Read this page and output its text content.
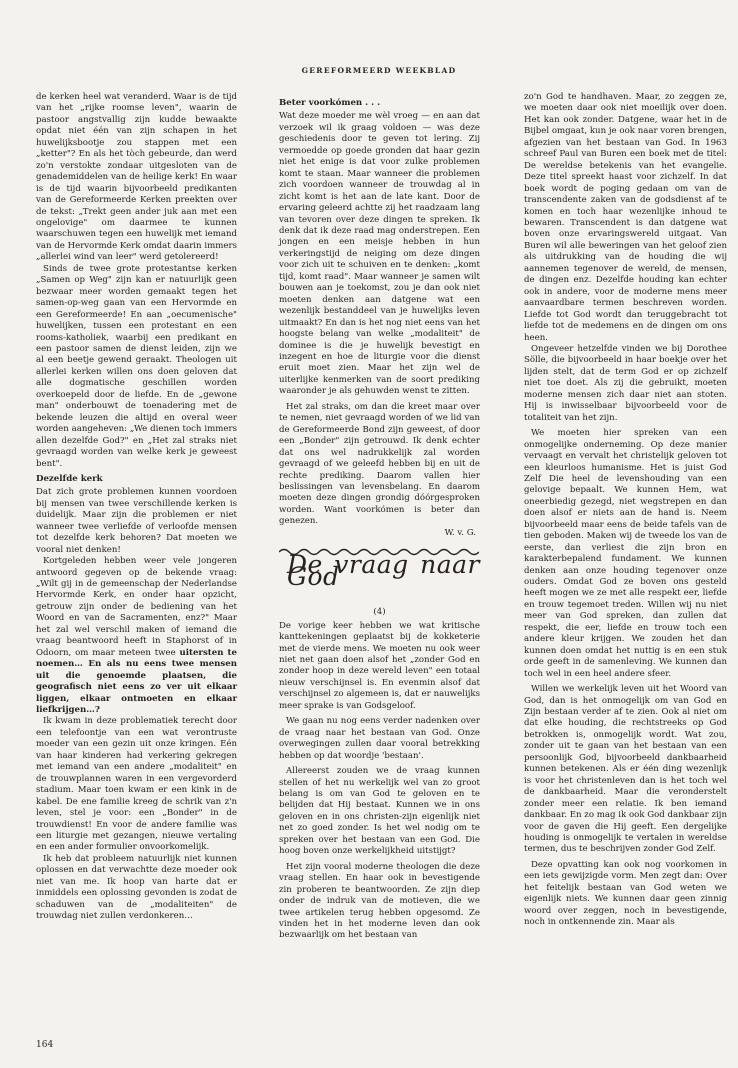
GEREFORMEERD WEEKBLAD

de kerken heel wat veranderd. Waar is de tijd van het „rijke roomse leven", waarin de pastoor angstvallig zijn kudde bewaakte opdat niet één van zijn schapen in het huwelijksbootje zou stappen met een „ketter"? En als het tòch gebeurde, dan werd zo'n verstokte zondaar uitgesloten van de genademiddelen van de heilige kerk! En waar is de tijd waarin bijvoorbeeld predikanten van de Gereformeerde Kerken preekten over de tekst: „Trekt geen ander juk aan met een ongelovige" om daarmee te kunnen waarschuwen tegen een huwelijk met iemand van de Hervormde Kerk omdat daarin immers „allerlei wind van leer" werd getolereerd!

Sinds de twee grote protestantse kerken „Samen op Weg" zijn kan er natuurlijk geen bezwaar meer worden gemaakt tegen het samen-op-weg gaan van een Hervormde en een Gereformeerde! En aan „oecumenische" huwelijken, tussen een protestant en een rooms-katholiek, waarbij een predikant en een pastoor samen de dienst leiden, zijn we al een beetje gewend geraakt. Theologen uit allerlei kerken willen ons doen geloven dat alle dogmatische geschillen worden overkoepeld door de liefde. En de „gewone man" onderbouwt de toenadering met de bekende leuzen die altijd en overal weer worden aangeheven: „We dienen toch immers allen dezelfde God?" en „Het zal straks niet gevraagd worden van welke kerk je geweest bent".

Dezelfde kerk

Dat zich grote problemen kunnen voordoen bij mensen van twee verschillende kerken is duidelijk. Maar zijn die problemen er niet wanneer twee verliefde of verloofde mensen tot dezelfde kerk behoren? Dat moeten we vooral niet denken!

Kortgeleden hebben weer vele jongeren antwoord gegeven op de bekende vraag: „Wilt gij in de gemeenschap der Nederlandse Hervormde Kerk, en onder haar opzicht, getrouw zijn onder de bediening van het Woord en van de Sacramenten, enz?" Maar het zal wel verschil maken of iemand die vraag beantwoord heeft in Staphorst of in Odoorn, om maar meteen twee uitersten te noemen… En als nu eens twee mensen uit die genoemde plaatsen, die geografisch niet eens zo ver uit elkaar liggen, elkaar ontmoeten en elkaar liefkrijgen…?

Ik kwam in deze problematiek terecht door een telefoontje van een wat verontruste moeder van een gezin uit onze kringen. Eén van haar kinderen had verkering gekregen met iemand van een andere „modaliteit" en de trouwplannen waren in een vergevorderd stadium. Maar toen kwam er een kink in de kabel. De ene familie kreeg de schrik van z'n leven, stel je voor: een „Bonder" in de trouwdienst! En voor de andere familie was een liturgie met gezangen, nieuwe vertaling en een ander formulier onvoorkomelijk.

Ik heb dat probleem natuurlijk niet kunnen oplossen en dat verwachtte deze moeder ook niet van me. Ik hoop van harte dat er inmiddels een oplossing gevonden is zodat de schaduwen van de „modaliteiten" de trouwdag niet zullen verdonkeren…

Beter voorkómen . . .

Wat deze moeder me wèl vroeg — en aan dat verzoek wil ik graag voldoen — was deze geschiedenis door te geven tot lering. Zij vermoedde op goede gronden dat haar gezin niet het enige is dat voor zulke problemen komt te staan. Maar wanneer die problemen zich voordoen wanneer de trouwdag al in zicht komt is het aan de late kant. Door de ervaring geleerd achtte zij het raadzaam lang van tevoren over deze dingen te spreken. Ik denk dat ik deze raad mag onderstrepen. Een jongen en een meisje hebben in hun verkeringstijd de neiging om deze dingen voor zich uit te schuiven en te denken: „komt tijd, komt raad". Maar wanneer je samen wilt bouwen aan je toekomst, zou je dan ook niet moeten denken aan datgene wat een wezenlijk bestanddeel van je huwelijks leven uitmaakt? En dan is het nog niet eens van het hoogste belang van welke „modaliteit" de dominee is die je huwelijk bevestigt en inzegent en hoe de liturgie voor die dienst eruit moet zien. Maar het zijn wel de uiterlijke kenmerken van de soort prediking waaronder je als gehuwden wenst te zitten.

Het zal straks, om dan die kreet maar over te nemen, niet gevraagd worden of we lid van de Gereformeerde Bond zijn geweest, of door een „Bonder" zijn getrouwd. Ik denk echter dat ons wel nadrukkelijk zal worden gevraagd of we geleefd hebben bij en uit de rechte prediking. Daarom vallen hier beslissingen van levensbelang. En daarom moeten deze dingen grondig dóórgesproken worden. Want voorkómen is beter dan genezen.

W. v. G.
De vraag naar God
(4)

De vorige keer hebben we wat kritische kanttekeningen geplaatst bij de kokketerie met de vierde mens. We moeten nu ook weer niet net gaan doen alsof het „zonder God en zonder hoop in deze wereld leven" een totaal nieuw verschijnsel is. En evenmin alsof dat verschijnsel zo algemeen is, dat er nauwelijks meer sprake is van Godsgeloof.

We gaan nu nog eens verder nadenken over de vraag naar het bestaan van God. Onze overwegingen zullen daar vooral betrekking hebben op dat woordje 'bestaan'.

Allereerst zouden we de vraag kunnen stellen of het nu werkelijk wel van zo groot belang is om van God te geloven en te belijden dat Hij bestaat. Kunnen we in ons geloven en in ons christen-zijn eigenlijk niet net zo goed zonder. Is het wel nodig om te spreken over het bestaan van een God. Die hoog boven onze werkelijkheid uitstijgt?

Het zijn vooral moderne theologen die deze vraag stellen. En haar ook in bevestigende zin proberen te beantwoorden. Ze zijn diep onder de indruk van de motieven, die we twee artikelen terug hebben opgesomd. Ze vinden het in het moderne leven dan ook bezwaarlijk om het bestaan van

zo'n God te handhaven. Maar, zo zeggen ze, we moeten daar ook niet moeilijk over doen. Het kan ook zonder. Datgene, waar het in de Bijbel omgaat, kun je ook naar voren brengen, afgezien van het bestaan van God. In 1963 schreef Paul van Buren een boek met de titel: De wereldse betekenis van het evangelie. Deze titel spreekt haast voor zichzelf. In dat boek wordt de poging gedaan om van de transcendente zaken van de godsdienst af te komen en toch haar wezenlijke inhoud te bewaren. Transcendent is dan datgene wat boven onze ervaringswereld uitgaat. Van Buren wil alle beweringen van het geloof zien als uitdrukking van de houding die wij aannemen tegenover de wereld, de mensen, de dingen enz. Dezelfde houding kan echter ook in andere, voor de moderne mens meer aanvaardbare termen beschreven worden. Liefde tot God wordt dan teruggebracht tot liefde tot de medemens en de dingen om ons heen.

Ongeveer hetzelfde vinden we bij Dorothee Sölle, die bijvoorbeeld in haar boekje over het lijden stelt, dat de term God er op zichzelf niet toe doet. Als zij die gebruikt, moeten moderne mensen zich daar niet aan stoten. Hij is inwisselbaar bijvoorbeeld voor de totaliteit van het zijn.

We moeten hier spreken van een onmogelijke onderneming. Op deze manier vervaagt en vervalt het christelijk geloven tot een kleurloos humanisme. Het is juist God Zelf Die heel de levenshouding van een gelovige bepaalt. We kunnen Hem, wat oneerbiedig gezegd, niet wegstrepen en dan doen alsof er niets aan de hand is. Neem bijvoorbeeld maar eens de beide tafels van de tien geboden. Maken wij de tweede los van de eerste, dan verliest die zijn bron en karakterbepalend fundament. We kunnen denken aan onze houding tegenover onze ouders. Omdat God ze boven ons gesteld heeft mogen we ze met alle respekt eer, liefde en trouw tegemoet treden. Willen wij nu niet meer van God spreken, dan zullen dat respekt, die eer, liefde en trouw toch een andere kleur krijgen. We zouden het dan kunnen doen omdat het nuttig is en een stuk orde geeft in de samenleving. We kunnen dan toch wel in een heel andere sfeer.

Willen we werkelijk leven uit het Woord van God, dan is het onmogelijk om van God en Zijn bestaan verder af te zien. Ook al niet om dat elke houding, die rechtstreeks op God betrokken is, onmogelijk wordt. Wat zou, zonder uit te gaan van het bestaan van een persoonlijk God, bijvoorbeeld dankbaarheid kunnen betekenen. Als er één ding wezenlijk is voor het christenleven dan is het toch wel de dankbaarheid. Maar die veronderstelt zonder meer een relatie. Ik ben iemand dankbaar. En zo mag ik ook God dankbaar zijn voor de gaven die Hij geeft. Een dergelijke houding is onmogelijk te vertalen in wereldse termen, dus te beschrijven zonder God Zelf.

Deze opvatting kan ook nog voorkomen in een iets gewijzigde vorm. Men zegt dan: Over het feitelijk bestaan van God weten we eigenlijk niets. We kunnen daar geen zinnig woord over zeggen, noch in bevestigende, noch in ontkennende zin. Maar als

164
